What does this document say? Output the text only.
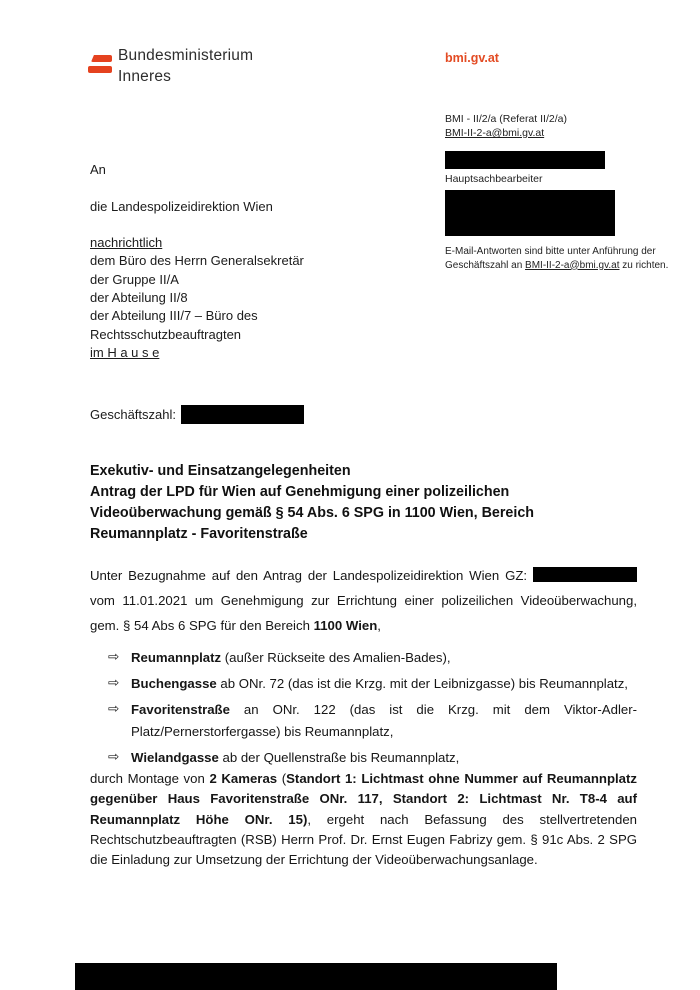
Bundesministerium
Inneres
bmi.gv.at
BMI - II/2/a (Referat II/2/a)
BMI-II-2-a@bmi.gv.at
Hauptsachbearbeiter
E-Mail-Antworten sind bitte unter Anführung der Geschäftszahl an BMI-II-2-a@bmi.gv.at zu richten.
An
die Landespolizeidirektion Wien
nachrichtlich
dem Büro des Herrn Generalsekretär
der Gruppe II/A
der Abteilung II/8
der Abteilung III/7 – Büro des
Rechtsschutzbeauftragten
im H a u s e
Geschäftszahl:
Exekutiv- und Einsatzangelegenheiten
Antrag der LPD für Wien auf Genehmigung einer polizeilichen Videoüberwachung gemäß § 54 Abs. 6 SPG in 1100 Wien, Bereich Reumannplatz - Favoritenstraße
Unter Bezugnahme auf den Antrag der Landespolizeidirektion Wien GZ:  vom 11.01.2021 um Genehmigung zur Errichtung einer polizeilichen Videoüberwachung, gem. § 54 Abs 6 SPG für den Bereich 1100 Wien,
⇨ Reumannplatz (außer Rückseite des Amalien-Bades),
⇨ Buchengasse ab ONr. 72 (das ist die Krzg. mit der Leibnizgasse) bis Reumannplatz,
⇨ Favoritenstraße an ONr. 122 (das ist die Krzg. mit dem Viktor-Adler-Platz/Pernerstorfergasse) bis Reumannplatz,
⇨ Wielandgasse ab der Quellenstraße bis Reumannplatz,
durch Montage von 2 Kameras (Standort 1: Lichtmast ohne Nummer auf Reumannplatz gegenüber Haus Favoritenstraße ONr. 117, Standort 2: Lichtmast Nr. T8-4 auf Reumannplatz Höhe ONr. 15), ergeht nach Befassung des stellvertretenden Rechtschutzbeauftragten (RSB) Herrn Prof. Dr. Ernst Eugen Fabrizy gem. § 91c Abs. 2 SPG die Einladung zur Umsetzung der Errichtung der Videoüberwachungsanlage.
